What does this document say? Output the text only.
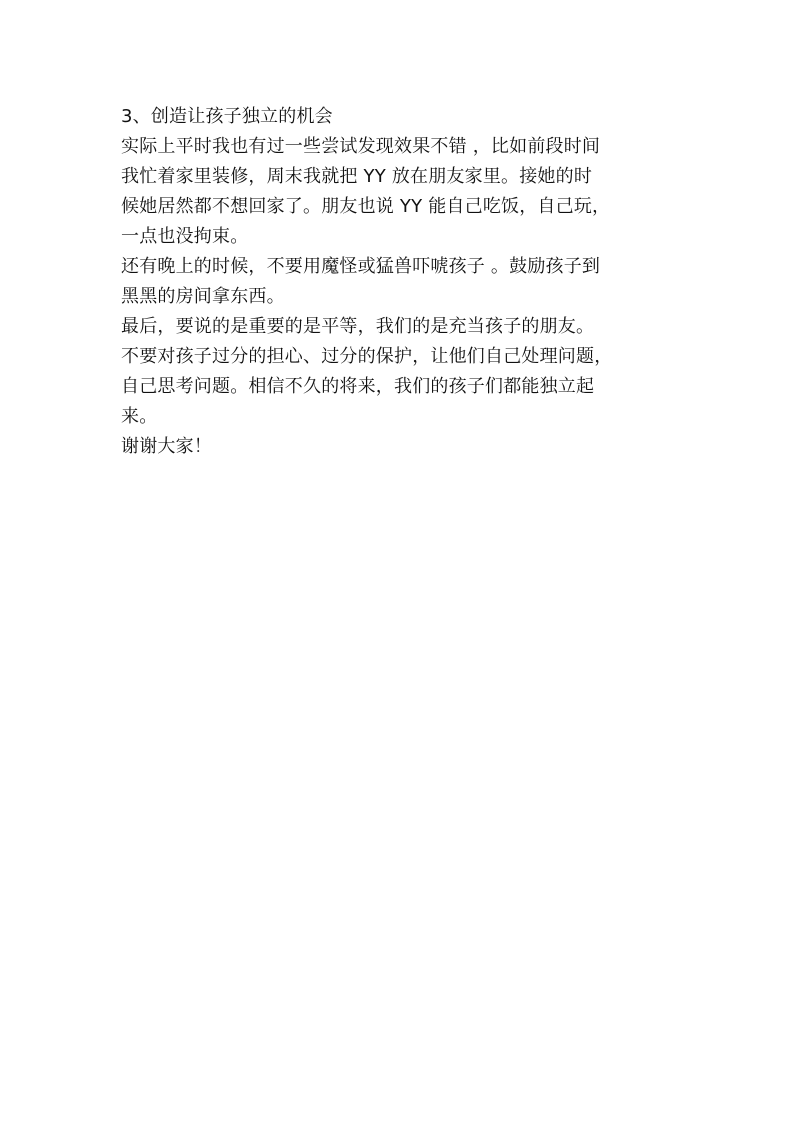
3、创造让孩子独立的机会
实际上平时我也有过一些尝试发现效果不错 ，比如前段时间
我忙着家里装修，周末我就把 YY 放在朋友家里。接她的时
候她居然都不想回家了。朋友也说 YY 能自己吃饭，自己玩，
一点也没拘束。
还有晚上的时候，不要用魔怪或猛兽吓唬孩子 。鼓励孩子到
黑黑的房间拿东西。
最后，要说的是重要的是平等，我们的是充当孩子的朋友。
不要对孩子过分的担心、过分的保护，让他们自己处理问题，
自己思考问题。相信不久的将来，我们的孩子们都能独立起
来。
谢谢大家！
